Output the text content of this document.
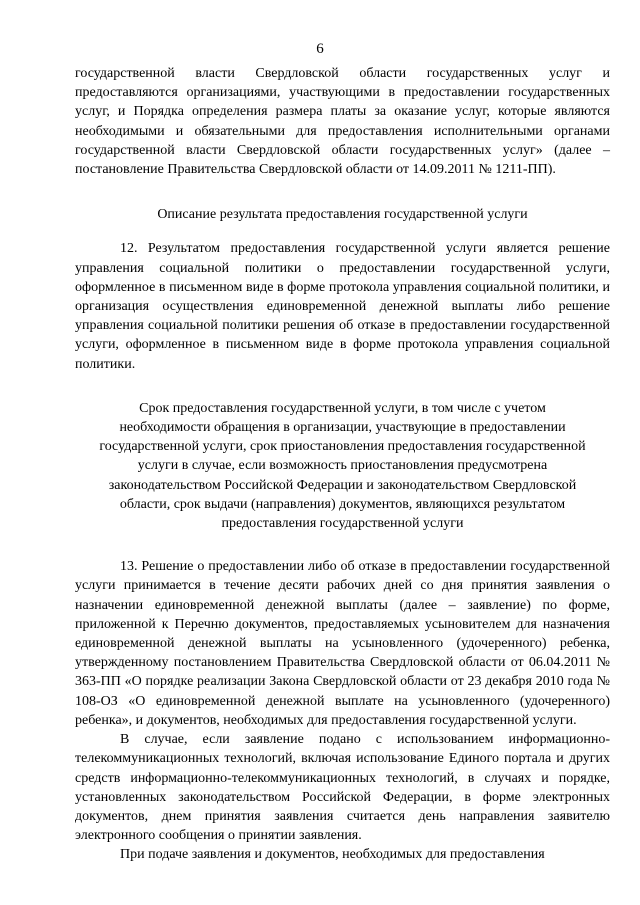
6

государственной власти Свердловской области государственных услуг и предоставляются организациями, участвующими в предоставлении государственных услуг, и Порядка определения размера платы за оказание услуг, которые являются необходимыми и обязательными для предоставления исполнительными органами государственной власти Свердловской области государственных услуг» (далее – постановление Правительства Свердловской области от 14.09.2011 № 1211-ПП).

Описание результата предоставления государственной услуги

12. Результатом предоставления государственной услуги является решение управления социальной политики о предоставлении государственной услуги, оформленное в письменном виде в форме протокола управления социальной политики, и организация осуществления единовременной денежной выплаты либо решение управления социальной политики решения об отказе в предоставлении государственной услуги, оформленное в письменном виде в форме протокола управления социальной политики.

Срок предоставления государственной услуги, в том числе с учетом
необходимости обращения в организации, участвующие в предоставлении
государственной услуги, срок приостановления предоставления государственной
услуги в случае, если возможность приостановления предусмотрена
законодательством Российской Федерации и законодательством Свердловской
области, срок выдачи (направления) документов, являющихся результатом
предоставления государственной услуги

13. Решение о предоставлении либо об отказе в предоставлении государственной услуги принимается в течение десяти рабочих дней со дня принятия заявления о назначении единовременной денежной выплаты (далее – заявление) по форме, приложенной к Перечню документов, предоставляемых усыновителем для назначения единовременной денежной выплаты на усыновленного (удочеренного) ребенка, утвержденному постановлением Правительства Свердловской области от 06.04.2011 № 363-ПП «О порядке реализации Закона Свердловской области от 23 декабря 2010 года № 108-ОЗ «О единовременной денежной выплате на усыновленного (удочеренного) ребенка», и документов, необходимых для предоставления государственной услуги.

В случае, если заявление подано с использованием информационно-телекоммуникационных технологий, включая использование Единого портала и других средств информационно-телекоммуникационных технологий, в случаях и порядке, установленных законодательством Российской Федерации, в форме электронных документов, днем принятия заявления считается день направления заявителю электронного сообщения о принятии заявления.

При подаче заявления и документов, необходимых для предоставления
